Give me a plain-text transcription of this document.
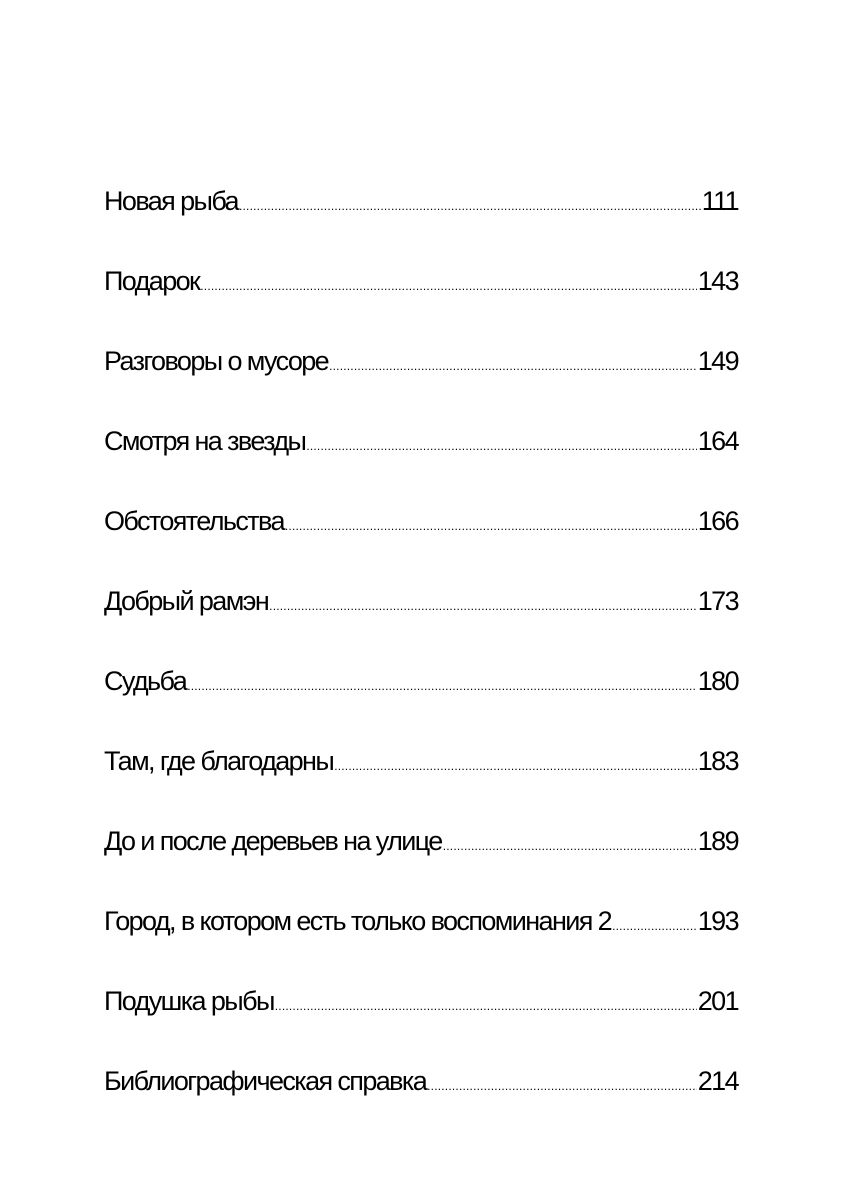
Новая рыба .....	111
Подарок .....	143
Разговоры о мусоре .....	149
Смотря на звезды .....	164
Обстоятельства .....	166
Добрый рамэн .....	173
Судьба .....	180
Там, где благодарны .....	183
До и после деревьев на улице .....	189
Город, в котором есть только воспоминания 2 .....	193
Подушка рыбы .....	201
Библиографическая справка .....	214
